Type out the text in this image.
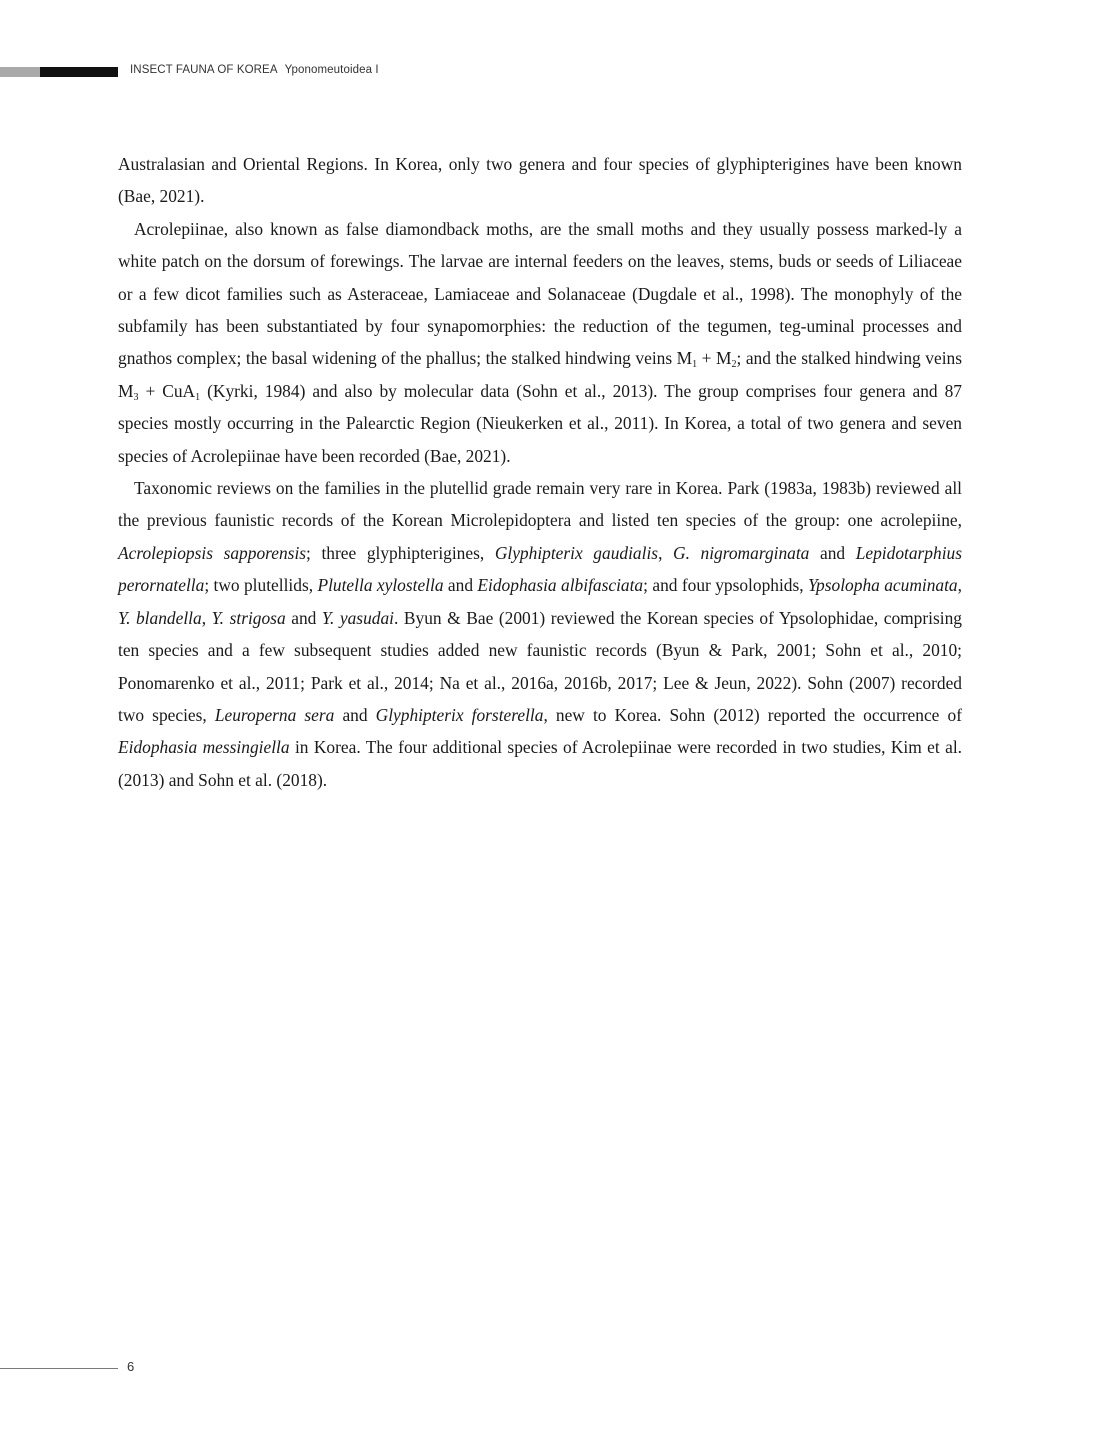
INSECT FAUNA OF KOREA Yponomeutoidea I

Australasian and Oriental Regions. In Korea, only two genera and four species of glyphipterigines have been known (Bae, 2021).

Acrolepiinae, also known as false diamondback moths, are the small moths and they usually possess marked-ly a white patch on the dorsum of forewings. The larvae are internal feeders on the leaves, stems, buds or seeds of Liliaceae or a few dicot families such as Asteraceae, Lamiaceae and Solanaceae (Dugdale et al., 1998). The monophyly of the subfamily has been substantiated by four synapomorphies: the reduction of the tegumen, teg-uminal processes and gnathos complex; the basal widening of the phallus; the stalked hindwing veins $M_1 + M_2$; and the stalked hindwing veins $M_3 + CuA_1$ (Kyrki, 1984) and also by molecular data (Sohn et al., 2013). The group comprises four genera and 87 species mostly occurring in the Palearctic Region (Nieukerken et al., 2011). In Korea, a total of two genera and seven species of Acrolepiinae have been recorded (Bae, 2021).

Taxonomic reviews on the families in the plutellid grade remain very rare in Korea. Park (1983a, 1983b) reviewed all the previous faunistic records of the Korean Microlepidoptera and listed ten species of the group: one acrolepiine, Acrolepiopsis sapporensis; three glyphipterigines, Glyphipterix gaudialis, G. nigromarginata and Lepidotarphius perornatella; two plutellids, Plutella xylostella and Eidophasia albifasciata; and four ypsolophids, Ypsolopha acuminata, Y. blandella, Y. strigosa and Y. yasudai. Byun & Bae (2001) reviewed the Korean species of Ypsolophidae, comprising ten species and a few subsequent studies added new faunistic records (Byun & Park, 2001; Sohn et al., 2010; Ponomarenko et al., 2011; Park et al., 2014; Na et al., 2016a, 2016b, 2017; Lee & Jeun, 2022). Sohn (2007) recorded two species, Leuroperna sera and Glyphipterix forsterella, new to Korea. Sohn (2012) reported the occurrence of Eidophasia messingiella in Korea. The four additional species of Acrolepiinae were recorded in two studies, Kim et al. (2013) and Sohn et al. (2018).

6
